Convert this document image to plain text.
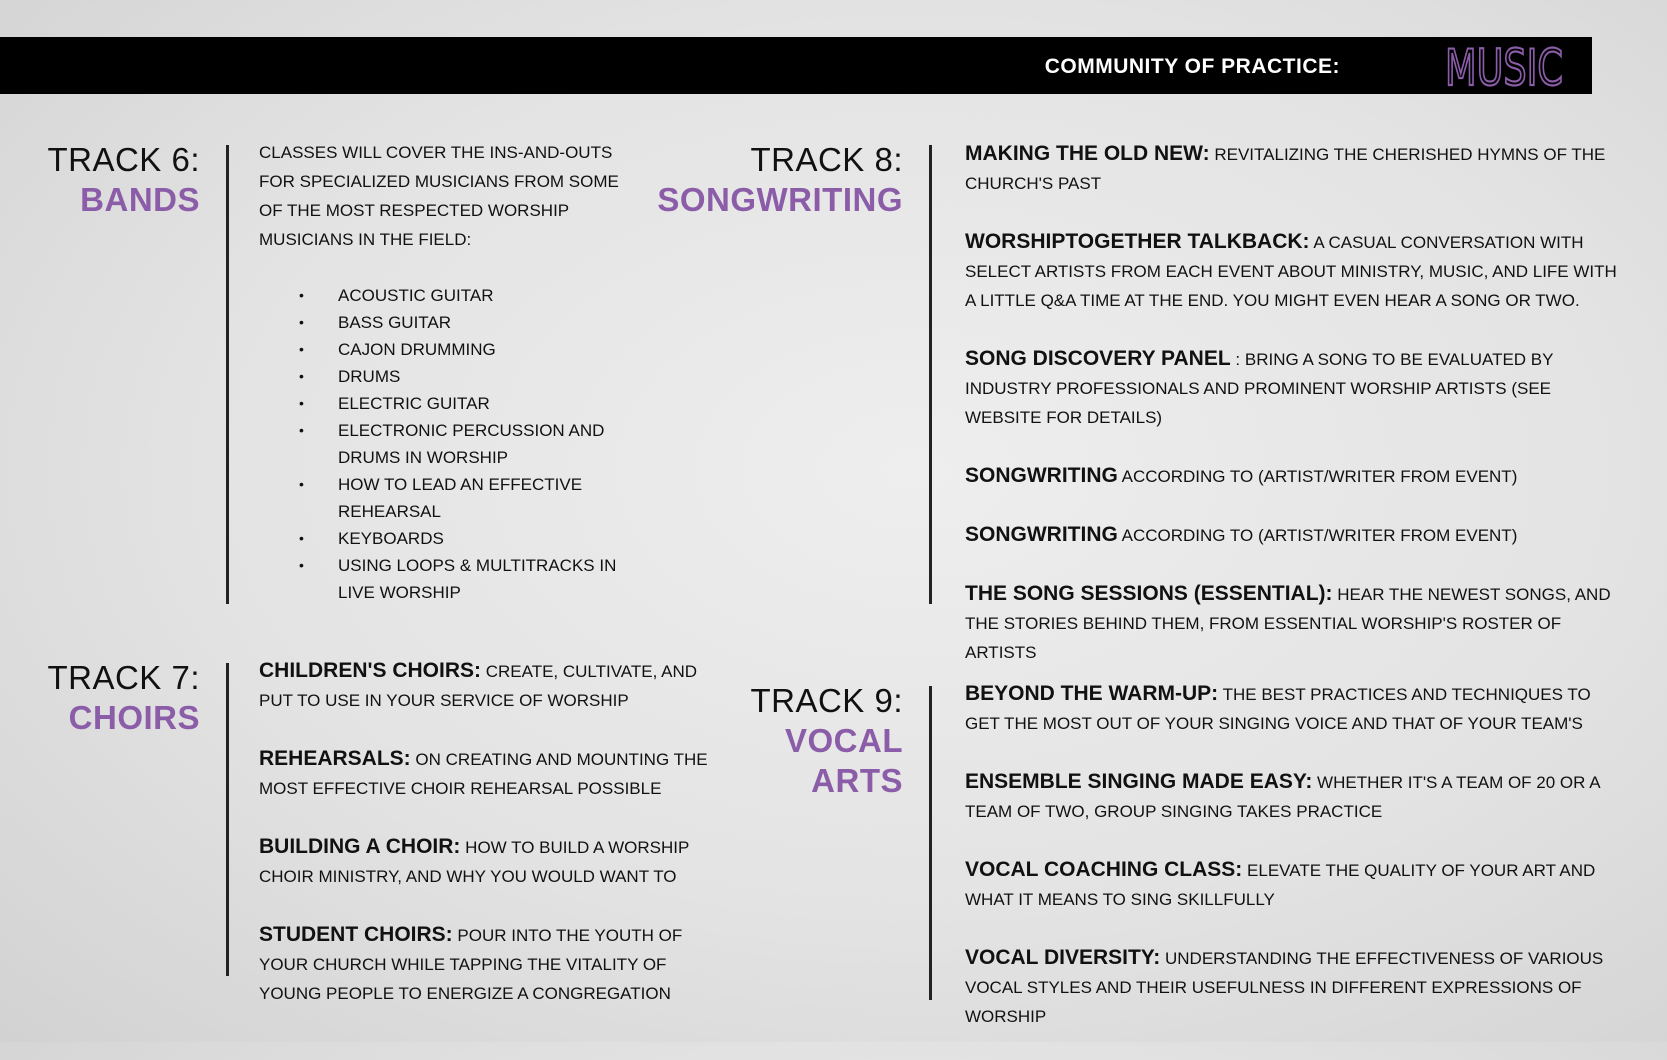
COMMUNITY OF PRACTICE: MUSIC
TRACK 6:
BANDS

CLASSES WILL COVER THE INS-AND-OUTS FOR SPECIALIZED MUSICIANS FROM SOME OF THE MOST RESPECTED WORSHIP MUSICIANS IN THE FIELD:

• ACOUSTIC GUITAR
• BASS GUITAR
• CAJON DRUMMING
• DRUMS
• ELECTRIC GUITAR
• ELECTRONIC PERCUSSION AND DRUMS IN WORSHIP
• HOW TO LEAD AN EFFECTIVE REHEARSAL
• KEYBOARDS
• USING LOOPS & MULTITRACKS IN LIVE WORSHIP
TRACK 7:
CHOIRS

CHILDREN'S CHOIRS: CREATE, CULTIVATE, AND PUT TO USE IN YOUR SERVICE OF WORSHIP

REHEARSALS: ON CREATING AND MOUNTING THE MOST EFFECTIVE CHOIR REHEARSAL POSSIBLE

BUILDING A CHOIR: HOW TO BUILD A WORSHIP CHOIR MINISTRY, AND WHY YOU WOULD WANT TO

STUDENT CHOIRS: POUR INTO THE YOUTH OF YOUR CHURCH WHILE TAPPING THE VITALITY OF YOUNG PEOPLE TO ENERGIZE A CONGREGATION

TRACK 8:
SONGWRITING

MAKING THE OLD NEW: REVITALIZING THE CHERISHED HYMNS OF THE CHURCH'S PAST

WORSHIPTOGETHER TALKBACK: A CASUAL CONVERSATION WITH SELECT ARTISTS FROM EACH EVENT ABOUT MINISTRY, MUSIC, AND LIFE WITH A LITTLE Q&A TIME AT THE END. YOU MIGHT EVEN HEAR A SONG OR TWO.

SONG DISCOVERY PANEL : BRING A SONG TO BE EVALUATED BY INDUSTRY PROFESSIONALS AND PROMINENT WORSHIP ARTISTS (SEE WEBSITE FOR DETAILS)

SONGWRITING ACCORDING TO (ARTIST/WRITER FROM EVENT)

SONGWRITING ACCORDING TO (ARTIST/WRITER FROM EVENT)

THE SONG SESSIONS (ESSENTIAL): HEAR THE NEWEST SONGS, AND THE STORIES BEHIND THEM, FROM ESSENTIAL WORSHIP'S ROSTER OF ARTISTS

TRACK 9:
VOCAL
ARTS

BEYOND THE WARM-UP: THE BEST PRACTICES AND TECHNIQUES TO GET THE MOST OUT OF YOUR SINGING VOICE AND THAT OF YOUR TEAM'S

ENSEMBLE SINGING MADE EASY: WHETHER IT'S A TEAM OF 20 OR A TEAM OF TWO, GROUP SINGING TAKES PRACTICE

VOCAL COACHING CLASS: ELEVATE THE QUALITY OF YOUR ART AND WHAT IT MEANS TO SING SKILLFULLY

VOCAL DIVERSITY: UNDERSTANDING THE EFFECTIVENESS OF VARIOUS VOCAL STYLES AND THEIR USEFULNESS IN DIFFERENT EXPRESSIONS OF WORSHIP
